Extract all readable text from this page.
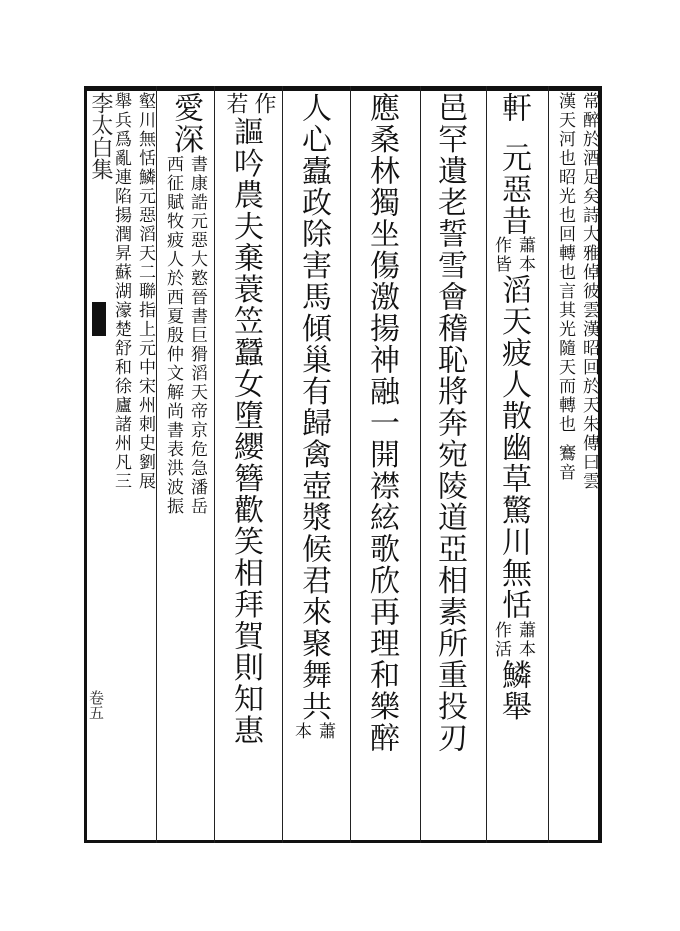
李太白集
卷五
常醉於酒足矣詩大雅倬彼雲漢昭回於天朱傳曰雲
漢天河也昭光也回轉也言其光隨天而轉也鶱音
軒
元惡昔
蕭本
作皆
滔天疲人散幽草驚川無恬
蕭本
作活
鱗舉
邑罕遺老誓雪會稽恥將奔宛陵道亞相素所重投刃
應桑林獨坐傷激揚神融一開襟絃歌欣再理和樂醉
人心蠹政除害馬傾巢有歸禽壺漿候君來聚舞共
蕭
本
作
若
謳吟農夫棄蓑笠蠶女墮纓簪歡笑相拜賀則知惠
愛深
書康誥元惡大憝晉書巨猾滔天帝京危急潘岳
西征賦牧疲人於西夏殷仲文解尚書表洪波振
壑川無恬鱗元惡滔天二聯指上元中宋州刺史劉展
舉兵爲亂連陷揚潤昇蘇湖濠楚舒和徐廬諸州凡三
